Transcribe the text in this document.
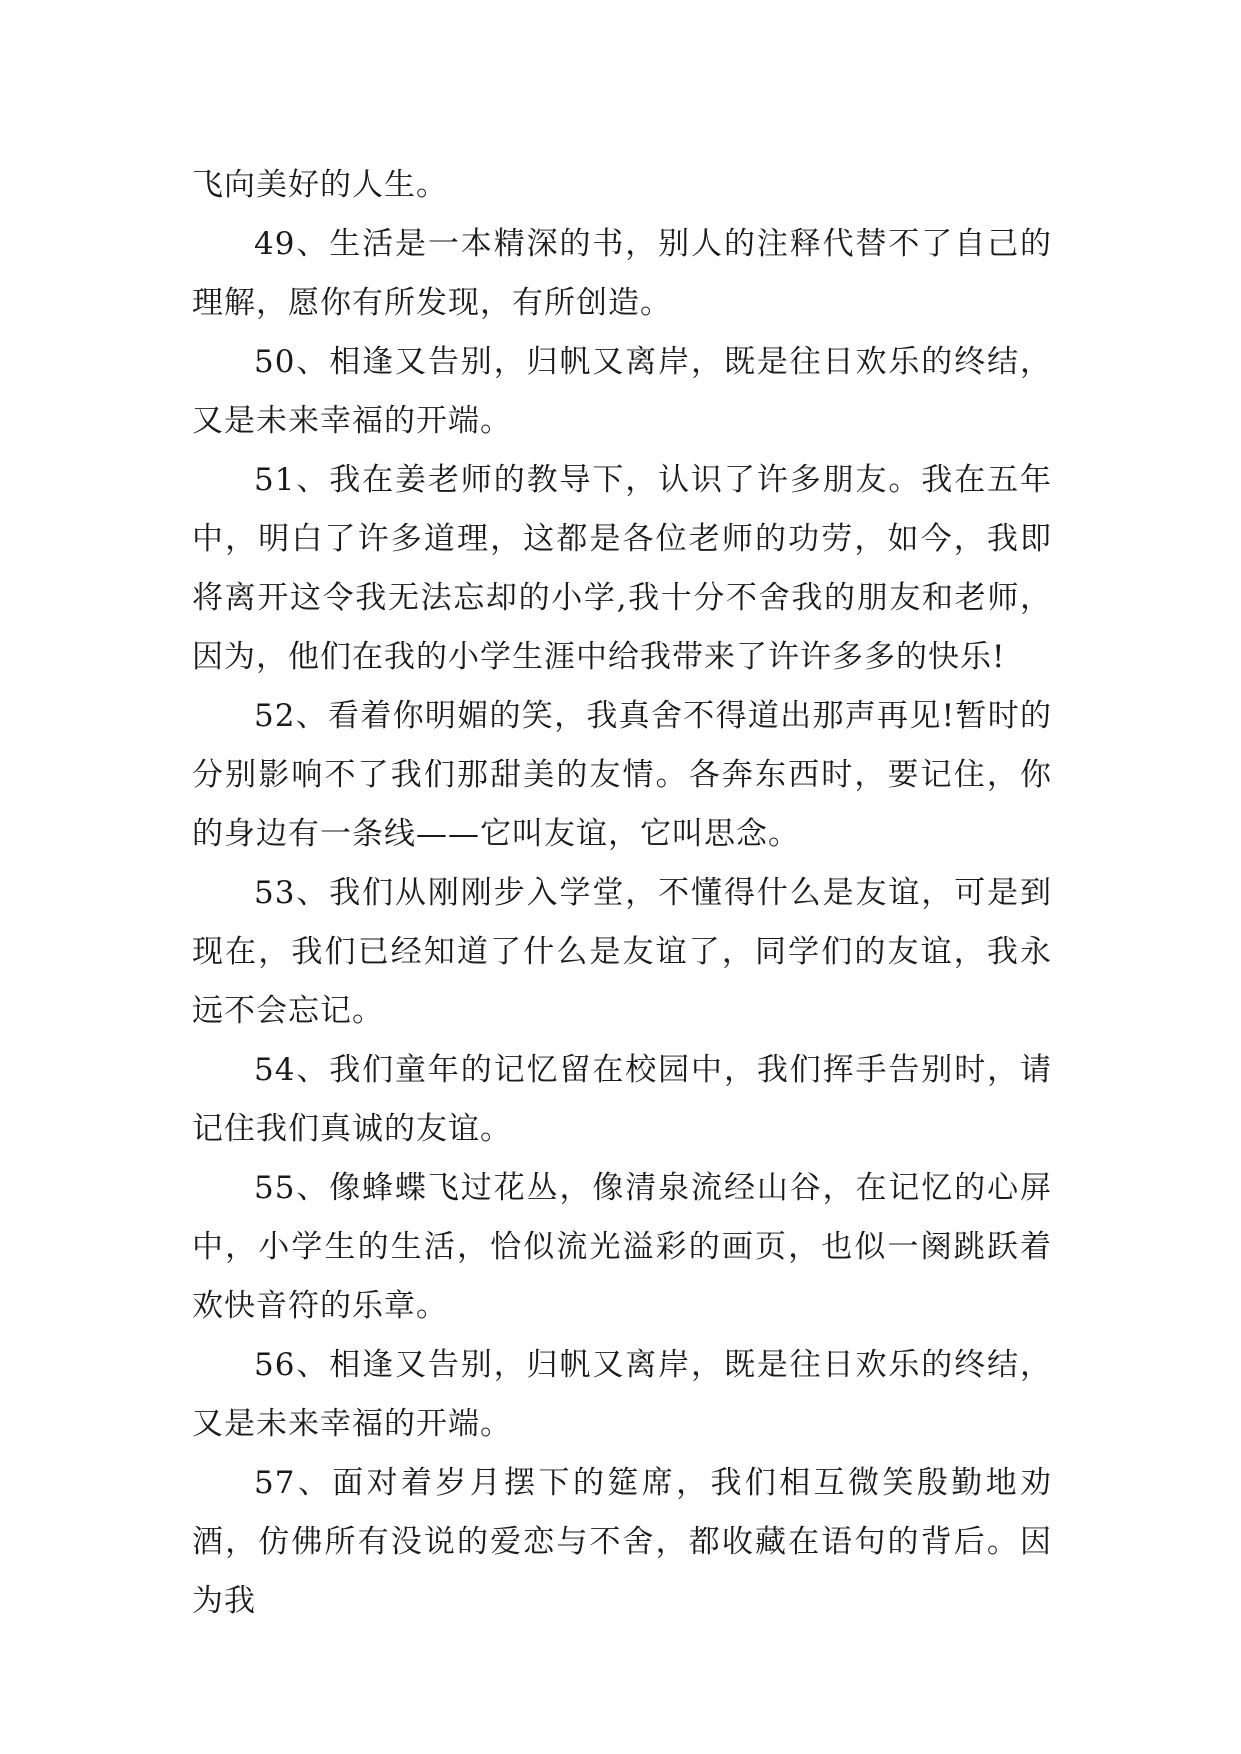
飞向美好的人生。

49、生活是一本精深的书，别人的注释代替不了自己的理解，愿你有所发现，有所创造。

50、相逢又告别，归帆又离岸，既是往日欢乐的终结，又是未来幸福的开端。

51、我在姜老师的教导下，认识了许多朋友。我在五年中，明白了许多道理，这都是各位老师的功劳，如今，我即将离开这令我无法忘却的小学,我十分不舍我的朋友和老师，因为，他们在我的小学生涯中给我带来了许许多多的快乐!

52、看着你明媚的笑，我真舍不得道出那声再见!暂时的分别影响不了我们那甜美的友情。各奔东西时，要记住，你的身边有一条线——它叫友谊，它叫思念。

53、我们从刚刚步入学堂，不懂得什么是友谊，可是到现在，我们已经知道了什么是友谊了，同学们的友谊，我永远不会忘记。

54、我们童年的记忆留在校园中，我们挥手告别时，请记住我们真诚的友谊。

55、像蜂蝶飞过花丛，像清泉流经山谷，在记忆的心屏中，小学生的生活，恰似流光溢彩的画页，也似一阕跳跃着欢快音符的乐章。

56、相逢又告别，归帆又离岸，既是往日欢乐的终结，又是未来幸福的开端。

57、面对着岁月摆下的筵席，我们相互微笑殷勤地劝酒，仿佛所有没说的爱恋与不舍，都收藏在语句的背后。因为我
